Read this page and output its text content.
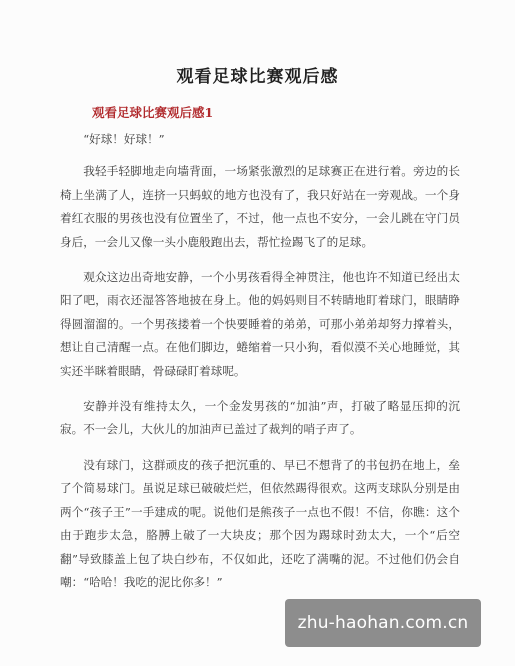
观看足球比赛观后感
观看足球比赛观后感1

“好球！好球！”

我轻手轻脚地走向墙背面，一场紧张激烈的足球赛正在进行着。旁边的长椅上坐满了人，连挤一只蚂蚁的地方也没有了，我只好站在一旁观战。一个身着红衣服的男孩也没有位置坐了，不过，他一点也不安分，一会儿跳在守门员身后，一会儿又像一头小鹿般跑出去，帮忙捡踢飞了的足球。

观众这边出奇地安静，一个小男孩看得全神贯注，他也许不知道已经出太阳了吧，雨衣还湿答答地披在身上。他的妈妈则目不转睛地盯着球门，眼睛睁得圆溜溜的。一个男孩搂着一个快要睡着的弟弟，可那小弟弟却努力撑着头，想让自己清醒一点。在他们脚边，蜷缩着一只小狗，看似漠不关心地睡觉，其实还半眯着眼睛，骨碌碌盯着球呢。

安静并没有维持太久，一个金发男孩的“加油”声，打破了略显压抑的沉寂。不一会儿，大伙儿的加油声已盖过了裁判的哨子声了。

没有球门，这群顽皮的孩子把沉重的、早已不想背了的书包扔在地上，垒了个简易球门。虽说足球已破破烂烂，但依然踢得很欢。这两支球队分别是由两个“孩子王”一手建成的呢。说他们是熊孩子一点也不假！不信，你瞧：这个由于跑步太急，胳膊上破了一大块皮；那个因为踢球时劲太大，一个“后空翻”导致膝盖上包了块白纱布，不仅如此，还吃了满嘴的泥。不过他们仍会自嘲：“哈哈！我吃的泥比你多！”

zhu-haohan.com.cn
